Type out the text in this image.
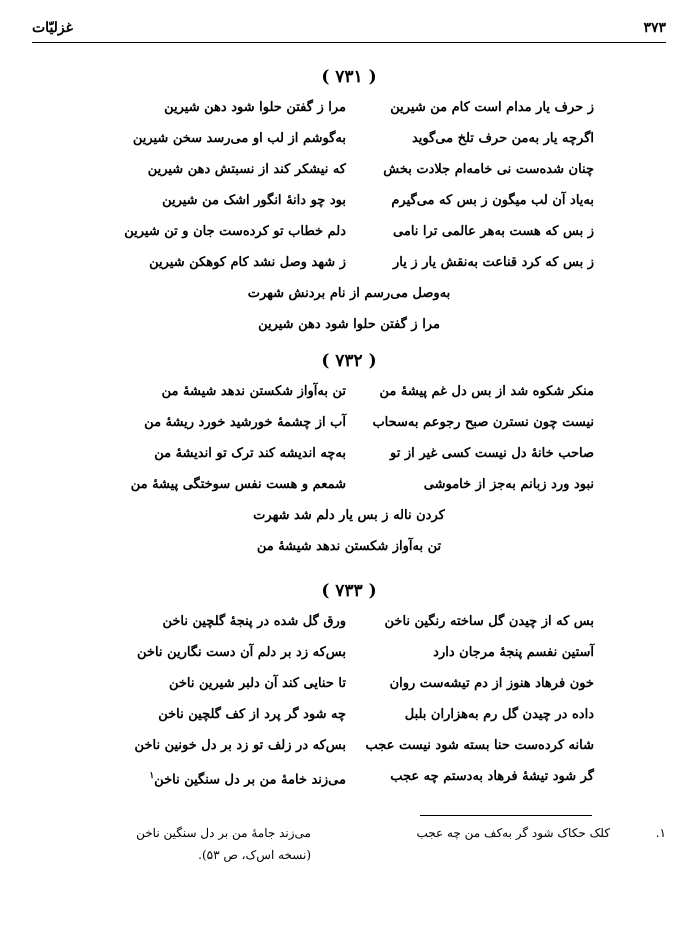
۳۷۳
غزلیّات
( ۷۳۱ )
ز حرف یار مدام است کام من شیرین
مرا ز گفتن حلوا شود دهن شیرین
اگرچه یار به‌من حرف تلخ می‌گوید
به‌گوشم از لب او می‌رسد سخن شیرین
چنان شده‌ست نی خامه‌ام جلادت بخش
که نیشکر کند از نسبتش دهن شیرین
به‌یاد آن لب میگون ز بس که می‌گیرم
بود چو دانهٔ انگور اشک من شیرین
ز بس که هست به‌هر عالمی ترا نامی
دلم خطاب تو کرده‌ست جان و تن شیرین
ز بس که کرد قناعت به‌نقش یار ز یار
ز شهد وصل نشد کام کوهکن شیرین
به‌وصل می‌رسم از نام بردنش شهرت
مرا ز گفتن حلوا شود دهن شیرین
( ۷۳۲ )
منکر شکوه شد از بس دل غم پیشهٔ من
تن به‌آواز شکستن ندهد شیشهٔ من
نیست چون نسترن صبح رجوعم به‌سحاب
آب از چشمهٔ خورشید خورد ریشهٔ من
صاحب خانهٔ دل نیست کسی غیر از تو
به‌چه اندیشه کند ترک تو اندیشهٔ من
نبود ورد زبانم به‌جز از خاموشی
شمعم و هست نفس سوختگی پیشهٔ من
کردن ناله ز بس یار دلم شد شهرت
تن به‌آواز شکستن ندهد شیشهٔ من
( ۷۳۳ )
بس که از چیدن گل ساخته رنگین ناخن
ورق گل شده در پنجهٔ گلچین ناخن
آستین نفسم پنجهٔ مرجان دارد
بس‌که زد بر دلم آن دست نگارین ناخن
خون فرهاد هنوز از دم تیشه‌ست روان
تا حنایی کند آن دلبر شیرین ناخن
داده در چیدن گل رم به‌هزاران بلبل
چه شود گر پرد از کف گلچین ناخن
شانه کرده‌ست حنا بسته شود نیست عجب
بس‌که در زلف تو زد بر دل خونین ناخن
گر شود تیشهٔ فرهاد به‌دستم چه عجب
می‌زند خامهٔ من بر دل سنگین ناخن$^۱$
۱.
کلک حکاک شود گر به‌کف من چه عجب
می‌زند جامهٔ من بر دل سنگین ناخن
(نسخه اس‌ک، ص ۵۳).
